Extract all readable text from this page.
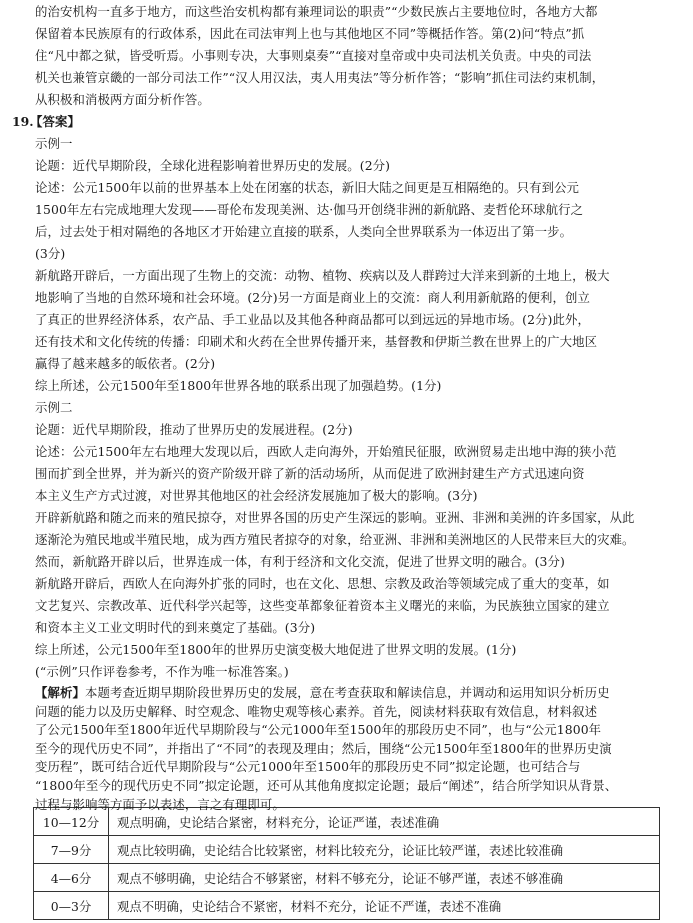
的治安机构一直多于地方，而这些治安机构都有兼理词讼的职责”“少数民族占主要地位时，各地方大都
保留着本民族原有的行政体系，因此在司法审判上也与其他地区不同”等概括作答。第(2)问“特点”抓
住“凡中都之狱，皆受听焉。小事则专决，大事则桌奏”“直接对皇帝或中央司法机关负责。中央的司法
机关也兼管京畿的一部分司法工作”“汉人用汉法，夷人用夷法”等分析作答；“影响”抓住司法约束机制，
从积极和消极两方面分析作答。
19.
【答案】
示例一
论题：近代早期阶段，全球化进程影响着世界历史的发展。(2分)
论述：公元1500年以前的世界基本上处在闭塞的状态，新旧大陆之间更是互相隔绝的。只有到公元
1500年左右完成地理大发现——哥伦布发现美洲、达·伽马开创绕非洲的新航路、麦哲伦环球航行之
后，过去处于相对隔绝的各地区才开始建立直接的联系，人类向全世界联系为一体迈出了第一步。
(3分)
新航路开辟后，一方面出现了生物上的交流：动物、植物、疾病以及人群跨过大洋来到新的土地上，极大
地影响了当地的自然环境和社会环境。(2分)另一方面是商业上的交流：商人利用新航路的便利，创立
了真正的世界经济体系，农产品、手工业品以及其他各种商品都可以到远远的异地市场。(2分)此外，
还有技术和文化传统的传播：印刷术和火药在全世界传播开来，基督教和伊斯兰教在世界上的广大地区
赢得了越来越多的皈依者。(2分)
综上所述，公元1500年至1800年世界各地的联系出现了加强趋势。(1分)
示例二
论题：近代早期阶段，推动了世界历史的发展进程。(2分)
论述：公元1500年左右地理大发现以后，西欧人走向海外，开始殖民征服，欧洲贸易走出地中海的狭小范
围而扩到全世界，并为新兴的资产阶级开辟了新的活动场所，从而促进了欧洲封建生产方式迅速向资
本主义生产方式过渡，对世界其他地区的社会经济发展施加了极大的影响。(3分)
开辟新航路和随之而来的殖民掠夺，对世界各国的历史产生深远的影响。亚洲、非洲和美洲的许多国家，从此
逐渐沦为殖民地或半殖民地，成为西方殖民者掠夺的对象，给亚洲、非洲和美洲地区的人民带来巨大的灾难。
然而，新航路开辟以后，世界连成一体，有利于经济和文化交流，促进了世界文明的融合。(3分)
新航路开辟后，西欧人在向海外扩张的同时，也在文化、思想、宗教及政治等领域完成了重大的变革，如
文艺复兴、宗教改革、近代科学兴起等，这些变革都象征着资本主义曙光的来临，为民族独立国家的建立
和资本主义工业文明时代的到来奠定了基础。(3分)
综上所述，公元1500年至1800年的世界历史演变极大地促进了世界文明的发展。(1分)
(“示例”只作评卷参考，不作为唯一标准答案。)
【解析】本题考查近期早期阶段世界历史的发展，意在考查获取和解读信息，并调动和运用知识分析历史
问题的能力以及历史解释、时空观念、唯物史观等核心素养。首先，阅读材料获取有效信息，材料叙述
了公元1500年至1800年近代早期阶段与“公元1000年至1500年的那段历史不同”，也与“公元1800年
至今的现代历史不同”，并指出了“不同”的表现及理由；然后，围绕“公元1500年至1800年的世界历史演
10—12分	观点明确，史论结合紧密，材料充分，论证严谨，表述准确
7—9分	观点比较明确，史论结合比较紧密，材料比较充分，论证比较严谨，表述比较准确
4—6分	观点不够明确，史论结合不够紧密，材料不够充分，论证不够严谨，表述不够准确
0—3分	观点不明确，史论结合不紧密，材料不充分，论证不严谨，表述不准确
变历程”，既可结合近代早期阶段与“公元1000年至1500年的那段历史不同”拟定论题，也可结合与
“1800年至今的现代历史不同”拟定论题，还可从其他角度拟定论题；最后“阐述”，结合所学知识从背景、
过程与影响等方面予以表述，言之有理即可。
